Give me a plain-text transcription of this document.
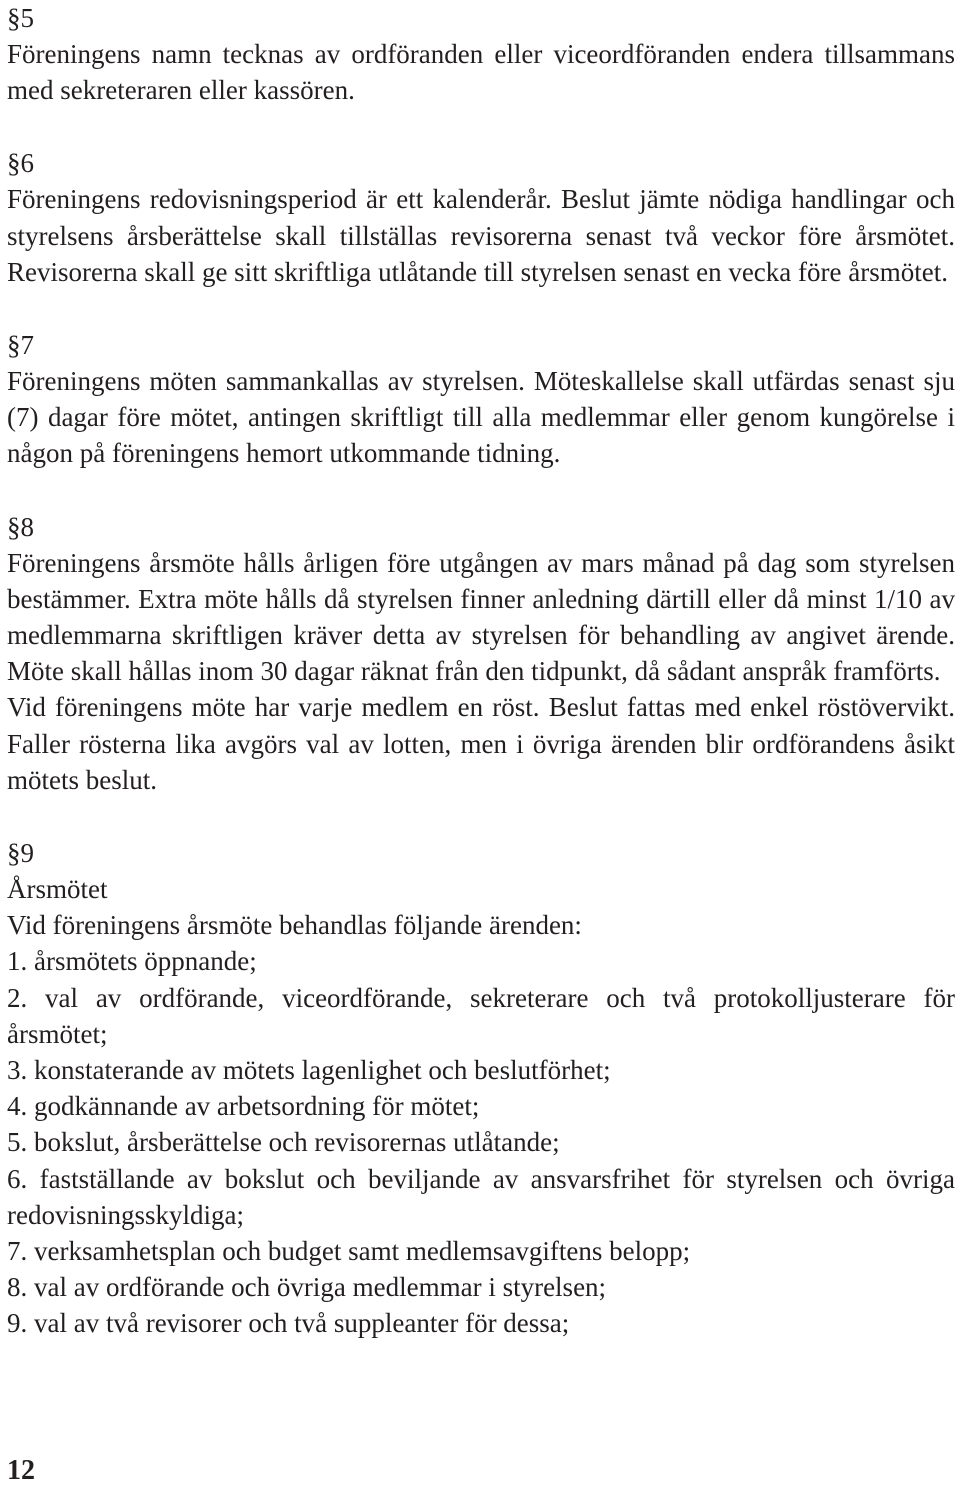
§5

Föreningens namn tecknas av ordföranden eller viceordföranden endera tillsammans med sekreteraren eller kassören.

§6

Föreningens redovisningsperiod är ett kalenderår. Beslut jämte nödiga handlingar och styrelsens årsberättelse skall tillställas revisorerna senast två veckor före årsmötet. Revisorerna skall ge sitt skriftliga utlåtande till styrelsen senast en vecka före årsmötet.

§7

Föreningens möten sammankallas av styrelsen. Möteskallelse skall utfärdas senast sju (7) dagar före mötet, antingen skriftligt till alla medlemmar eller genom kungörelse i någon på föreningens hemort utkommande tidning.

§8

Föreningens årsmöte hålls årligen före utgången av mars månad på dag som styrelsen bestämmer. Extra möte hålls då styrelsen finner anledning därtill eller då minst 1/10 av medlemmarna skriftligen kräver detta av styrelsen för behandling av angivet ärende. Möte skall hållas inom 30 dagar räknat från den tidpunkt, då sådant anspråk framförts.

Vid föreningens möte har varje medlem en röst. Beslut fattas med enkel röstövervikt. Faller rösterna lika avgörs val av lotten, men i övriga ärenden blir ordförandens åsikt mötets beslut.

§9

Årsmötet

Vid föreningens årsmöte behandlas följande ärenden:

1. årsmötets öppnande;

2. val av ordförande, viceordförande, sekreterare och två protokolljusterare för årsmötet;

3. konstaterande av mötets lagenlighet och beslutförhet;

4. godkännande av arbetsordning för mötet;

5. bokslut, årsberättelse och revisorernas utlåtande;

6. fastställande av bokslut och beviljande av ansvarsfrihet för styrelsen och övriga redovisningsskyldiga;

7. verksamhetsplan och budget samt medlemsavgiftens belopp;

8. val av ordförande och övriga medlemmar i styrelsen;

9. val av två revisorer och två suppleanter för dessa;

12
